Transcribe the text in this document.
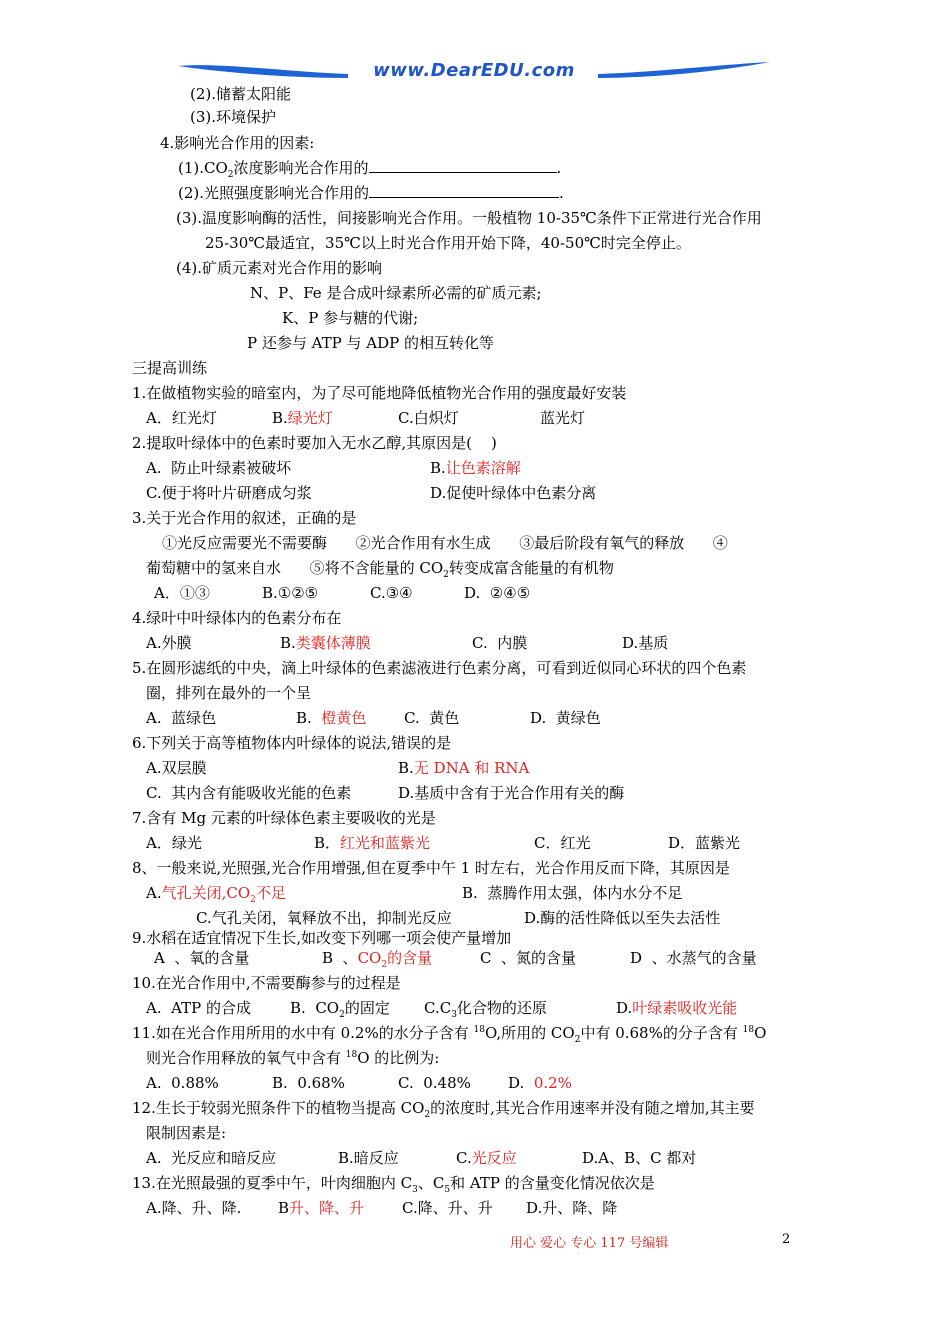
www.DearEDU.com
(2).储蓄太阳能
(3).环境保护
4.影响光合作用的因素:
$(1).CO_2$浓度影响光合作用的	.
(2).光照强度影响光合作用的	.
(3).温度影响酶的活性，间接影响光合作用。一般植物 10-35℃条件下正常进行光合作用
25-30℃最适宜，35℃以上时光合作用开始下降，40-50℃时完全停止。
(4).矿质元素对光合作用的影响
N、P、Fe 是合成叶绿素所必需的矿质元素;
K、P 参与糖的代谢;
P 还参与 ATP 与 ADP 的相互转化等
三提高训练
1.在做植物实验的暗室内，为了尽可能地降低植物光合作用的强度最好安装
A．红光灯	B.绿光灯	C.白炽灯	蓝光灯
2.提取叶绿体中的色素时要加入无水乙醇,其原因是(    )
A.  防止叶绿素被破坏	B.让色素溶解
C.便于将叶片研磨成匀浆	D.促使叶绿体中色素分离
3.关于光合作用的叙述，正确的是
①光反应需要光不需要酶      ②光合作用有水生成      ③最后阶段有氧气的释放      ④
葡萄糖中的氢来自水      ⑤将不含能量的 $CO_2$转变成富含能量的有机物
A．①③	B.①②⑤	C.③④	D.  ②④⑤
4.绿叶中叶绿体内的色素分布在
A.外膜	B.类囊体薄膜	C.  内膜	D.基质
5.在圆形滤纸的中央，滴上叶绿体的色素滤液进行色素分离，可看到近似同心环状的四个色素
圈，排列在最外的一个呈
A.  蓝绿色	B. 橙黄色	C.  黄色	D.  黄绿色
6.下列关于高等植物体内叶绿体的说法,错误的是
A.双层膜	B.无 DNA 和 RNA
C.  其内含有能吸收光能的色素	D.基质中含有于光合作用有关的酶
7.含有 Mg 元素的叶绿体色素主要吸收的光是
A．绿光	B．红光和蓝紫光	C．红光	D．蓝紫光
8、一般来说,光照强,光合作用增强,但在夏季中午 1 时左右，光合作用反而下降，其原因是
A.气孔关闭$,CO_2$不足	B.  蒸腾作用太强，体内水分不足
C.气孔关闭，氧释放不出，抑制光反应	D.酶的活性降低以至失去活性
9.水稻在适宜情况下生长,如改变下列哪一项会使产量增加
A  、氧的含量	B  、$CO_2$的含量	C  、氮的含量	D  、水蒸气的含量
10.在光合作用中,不需要酶参与的过程是
A.  ATP 的合成	B.  $CO_2$的固定 $C.C_3$化合物的还原	D.叶绿素吸收光能
11.如在光合作用所用的水中有 0.2%的水分子含有 $^{18}$O,所用的 $CO_2$中有 0.68%的分子含有 $^{18}$O
则光合作用释放的氧气中含有 $^{18}$O 的比例为:
A.  0.88%	B.  0.68%	C.  0.48% D. 0.2%
12.生长于较弱光照条件下的植物当提高 $CO_2$的浓度时,其光合作用速率并没有随之增加,其主要
限制因素是:
A.  光反应和暗反应	B.暗反应	C.光反应	D.A、B、C 都对
13.在光照最强的夏季中午，叶肉细胞内 $C_3$、$C_5$和 ATP 的含量变化情况依次是
A.降、升、降. B升、降、升	C.降、升、升 D.升、降、降
用心 爱心 专心 117 号编辑	2
